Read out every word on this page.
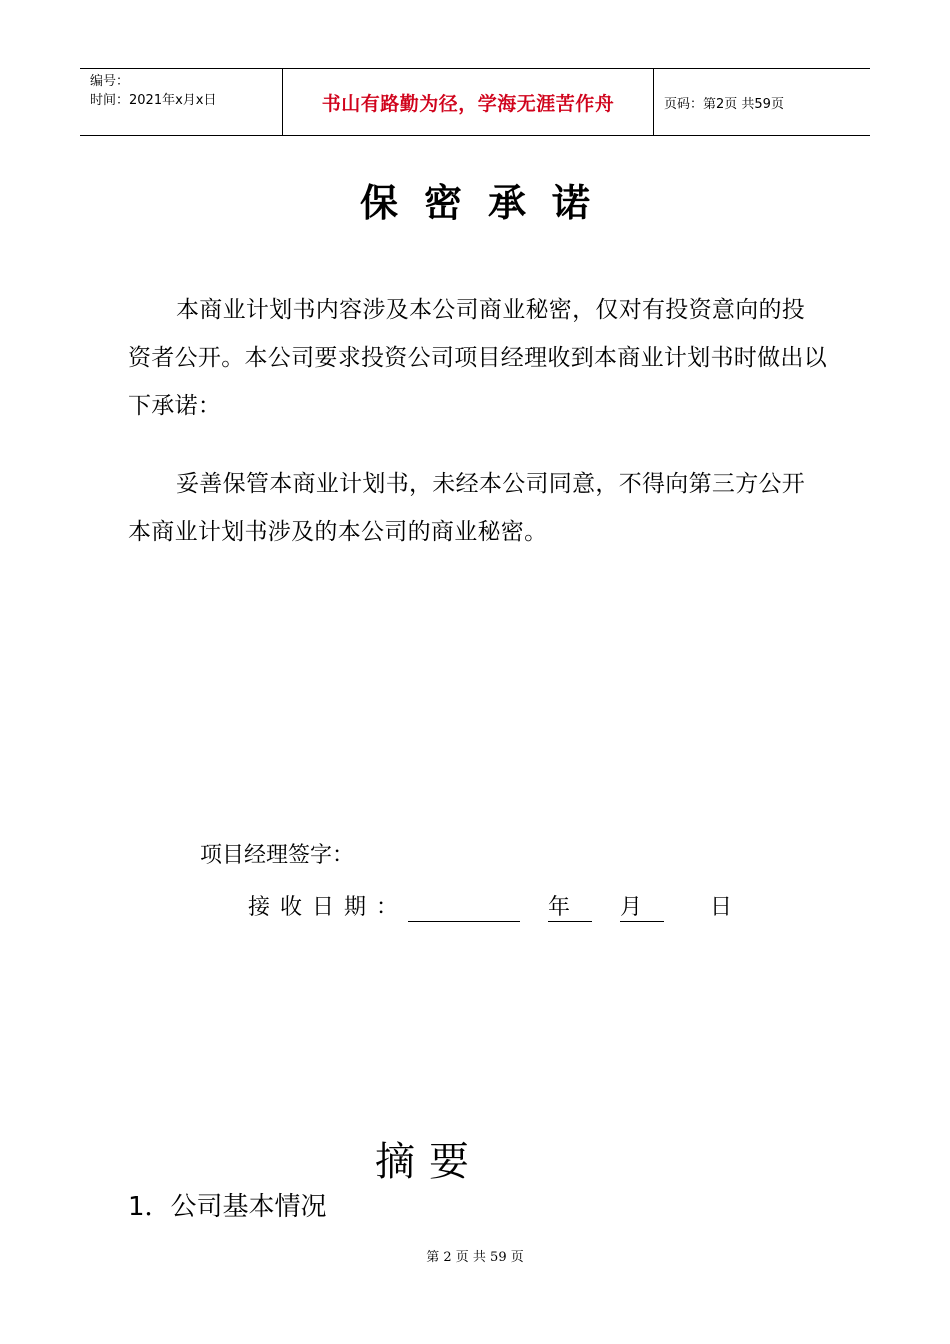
编号：
时间：2021年x月x日	书山有路勤为径，学海无涯苦作舟	页码：第2页 共59页
保密承诺

本商业计划书内容涉及本公司商业秘密，仅对有投资意向的投资者公开。本公司要求投资公司项目经理收到本商业计划书时做出以下承诺：

妥善保管本商业计划书，未经本公司同意，不得向第三方公开本商业计划书涉及的本公司的商业秘密。

项目经理签字：
接收日期：	年 月	日
摘要
1．公司基本情况
第 2 页 共 59 页
